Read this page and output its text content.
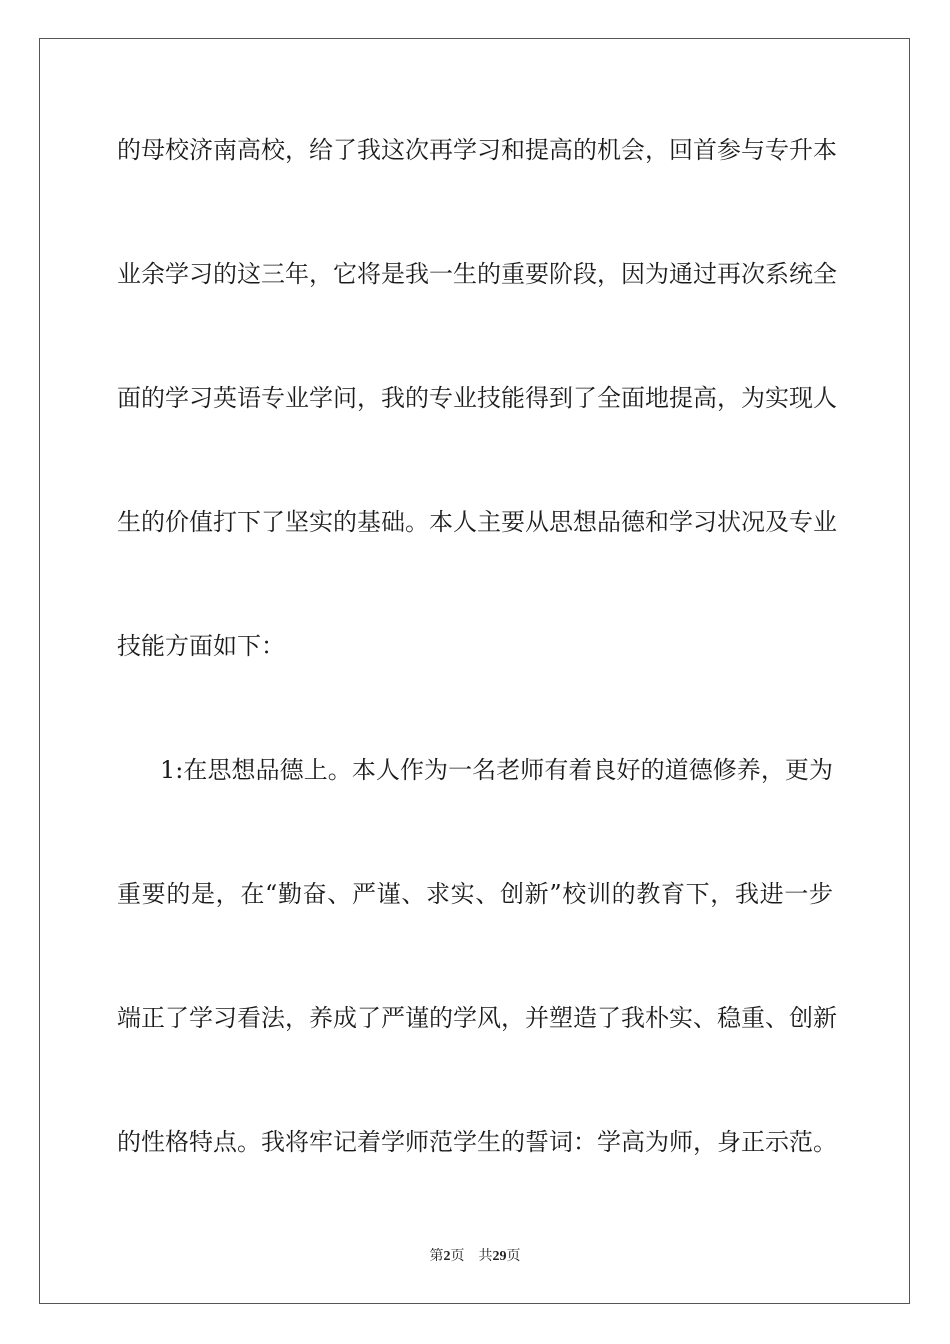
的母校济南高校，给了我这次再学习和提高的机会，回首参与专升本
业余学习的这三年，它将是我一生的重要阶段，因为通过再次系统全
面的学习英语专业学问，我的专业技能得到了全面地提高，为实现人
生的价值打下了坚实的基础。本人主要从思想品德和学习状况及专业
技能方面如下：
1:在思想品德上。本人作为一名老师有着良好的道德修养，更为
重要的是，在“勤奋、严谨、求实、创新”校训的教育下，我进一步
端正了学习看法，养成了严谨的学风，并塑造了我朴实、稳重、创新
的性格特点。我将牢记着学师范学生的誓词：学高为师，身正示范。
第2页 共29页
